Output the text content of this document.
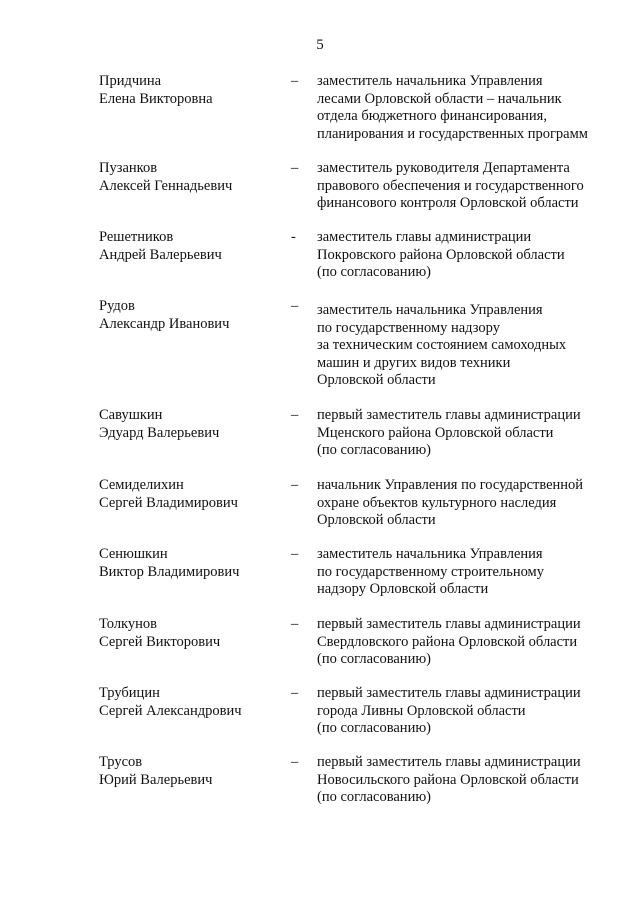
5
Придчина
Елена Викторовна
– заместитель начальника Управления
лесами Орловской области – начальник
отдела бюджетного финансирования,
планирования и государственных программ
Пузанков
Алексей Геннадьевич
– заместитель руководителя Департамента
правового обеспечения и государственного
финансового контроля Орловской области
Решетников
Андрей Валерьевич
- заместитель главы администрации
Покровского района Орловской области
(по согласованию)
Рудов
Александр Иванович
– заместитель начальника Управления
по государственному надзору
за техническим состоянием самоходных
машин и других видов техники
Орловской области
Савушкин
Эдуард Валерьевич
– первый заместитель главы администрации
Мценского района Орловской области
(по согласованию)
Семиделихин
Сергей Владимирович
– начальник Управления по государственной
охране объектов культурного наследия
Орловской области
Сенюшкин
Виктор Владимирович
– заместитель начальника Управления
по государственному строительному
надзору Орловской области
Толкунов
Сергей Викторович
– первый заместитель главы администрации
Свердловского района Орловской области
(по согласованию)
Трубицин
Сергей Александрович
– первый заместитель главы администрации
города Ливны Орловской области
(по согласованию)
Трусов
Юрий Валерьевич
– первый заместитель главы администрации
Новосильского района Орловской области
(по согласованию)
